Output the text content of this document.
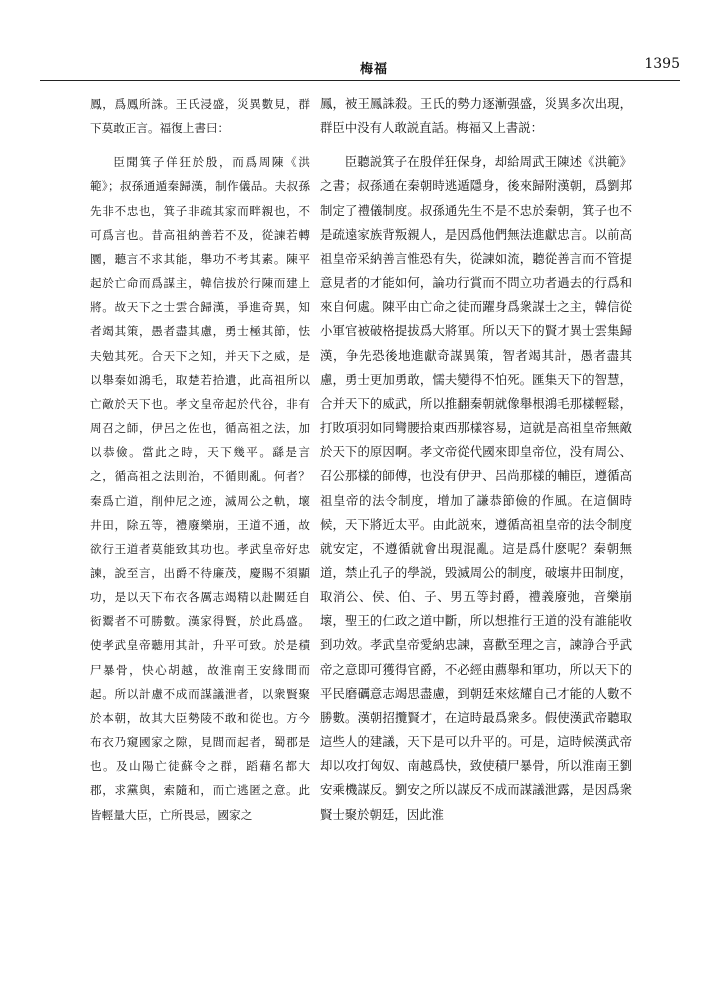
梅福	1395

鳳，爲鳳所誅。王氏浸盛，災異數見，群下莫敢正言。福復上書曰：

臣聞箕子佯狂於殷，而爲周陳《洪範》；叔孫通遁秦歸漢，制作儀品。夫叔孫先非不忠也，箕子非疏其家而畔親也，不可爲言也。昔高祖納善若不及，從諫若轉圜，聽言不求其能，舉功不考其素。陳平起於亡命而爲謀主，韓信拔於行陳而建上將。故天下之士雲合歸漢，爭進奇異，知者竭其策，愚者盡其慮，勇士極其節，怯夫勉其死。合天下之知，并天下之威，是以舉秦如鴻毛，取楚若拾遺，此高祖所以亡敵於天下也。孝文皇帝起於代谷，非有周召之師，伊呂之佐也，循高祖之法，加以恭儉。當此之時，天下幾平。繇是言之，循高祖之法則治，不循則亂。何者？秦爲亡道，削仲尼之迹，滅周公之軌，壞井田，除五等，禮廢樂崩，王道不通，故欲行王道者莫能致其功也。孝武皇帝好忠諫，說至言，出爵不待廉茂，慶賜不須顯功，是以天下布衣各厲志竭精以赴闕廷自衒鬻者不可勝數。漢家得賢，於此爲盛。使孝武皇帝聽用其計，升平可致。於是積尸暴骨，快心胡越，故淮南王安緣間而起。所以計慮不成而謀議泄者，以衆賢聚於本朝，故其大臣勢陵不敢和從也。方今布衣乃窺國家之隙，見間而起者，蜀郡是也。及山陽亡徒蘇令之群，蹈藉名都大郡，求黨與，索隨和，而亡逃匿之意。此皆輕量大臣，亡所畏忌，國家之

鳳，被王鳳誅殺。王氏的勢力逐漸强盛，災異多次出現，群臣中没有人敢説直話。梅福又上書説：

臣聽説箕子在殷佯狂保身，却給周武王陳述《洪範》之書；叔孫通在秦朝時逃遁隱身，後來歸附漢朝，爲劉邦制定了禮儀制度。叔孫通先生不是不忠於秦朝，箕子也不是疏遠家族背叛親人，是因爲他們無法進獻忠言。以前高祖皇帝采納善言惟恐有失，從諫如流，聽從善言而不管提意見者的才能如何，論功行賞而不問立功者過去的行爲和來自何處。陳平由亡命之徒而躍身爲衆謀士之主，韓信從小軍官被破格提拔爲大將軍。所以天下的賢才異士雲集歸漢，争先恐後地進獻奇謀異策，智者竭其計，愚者盡其慮，勇士更加勇敢，懦夫變得不怕死。匯集天下的智慧，合并天下的威武，所以推翻秦朝就像舉根鴻毛那樣輕鬆，打敗項羽如同彎腰拾東西那樣容易，這就是高祖皇帝無敵於天下的原因啊。孝文帝從代國來即皇帝位，没有周公、召公那樣的師傅，也没有伊尹、呂尚那樣的輔臣，遵循高祖皇帝的法令制度，增加了謙恭節儉的作風。在這個時候，天下將近太平。由此説來，遵循高祖皇帝的法令制度就安定，不遵循就會出現混亂。這是爲什麽呢？秦朝無道，禁止孔子的學説，毁滅周公的制度，破壞井田制度，取消公、侯、伯、子、男五等封爵，禮義廢弛，音樂崩壞，聖王的仁政之道中斷，所以想推行王道的没有誰能收到功效。孝武皇帝愛納忠諫，喜歡至理之言，諫諍合乎武帝之意即可獲得官爵，不必經由薦舉和軍功，所以天下的平民磨礪意志竭思盡慮，到朝廷來炫耀自己才能的人數不勝數。漢朝招攬賢才，在這時最爲衆多。假使漢武帝聽取這些人的建議，天下是可以升平的。可是，這時候漢武帝却以攻打匈奴、南越爲快，致使積尸暴骨，所以淮南王劉安乘機謀反。劉安之所以謀反不成而謀議泄露，是因爲衆賢士聚於朝廷，因此淮
